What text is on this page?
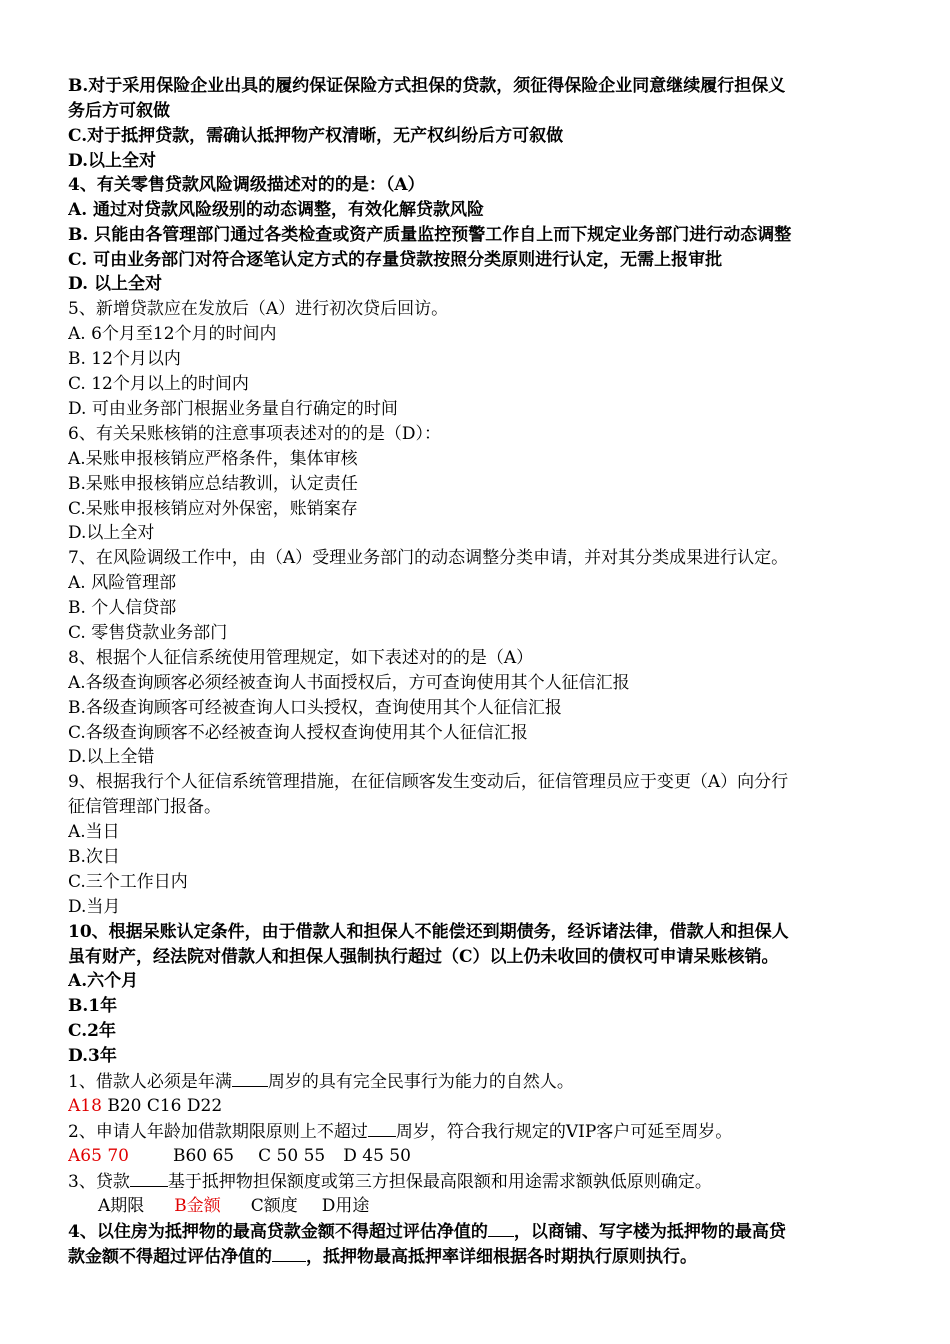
B.对于采用保险企业出具的履约保证保险方式担保的贷款，须征得保险企业同意继续履行担保义
务后方可叙做
C.对于抵押贷款，需确认抵押物产权清晰，无产权纠纷后方可叙做
D.以上全对
4、有关零售贷款风险调级描述对的的是：（A）
A. 通过对贷款风险级别的动态调整，有效化解贷款风险
B. 只能由各管理部门通过各类检查或资产质量监控预警工作自上而下规定业务部门进行动态调整
C. 可由业务部门对符合逐笔认定方式的存量贷款按照分类原则进行认定，无需上报审批
D. 以上全对
5、新增贷款应在发放后（A）进行初次贷后回访。
A. 6个月至12个月的时间内
B. 12个月以内
C. 12个月以上的时间内
D. 可由业务部门根据业务量自行确定的时间
6、有关呆账核销的注意事项表述对的的是（D）：
A.呆账申报核销应严格条件，集体审核
B.呆账申报核销应总结教训，认定责任
C.呆账申报核销应对外保密，账销案存
D.以上全对
7、在风险调级工作中，由（A）受理业务部门的动态调整分类申请，并对其分类成果进行认定。
A. 风险管理部
B. 个人信贷部
C. 零售贷款业务部门
8、根据个人征信系统使用管理规定，如下表述对的的是（A）
A.各级查询顾客必须经被查询人书面授权后，方可查询使用其个人征信汇报
B.各级查询顾客可经被查询人口头授权，查询使用其个人征信汇报
C.各级查询顾客不必经被查询人授权查询使用其个人征信汇报
D.以上全错
9、根据我行个人征信系统管理措施，在征信顾客发生变动后，征信管理员应于变更（A）向分行
征信管理部门报备。
A.当日
B.次日
C.三个工作日内
D.当月
10、根据呆账认定条件，由于借款人和担保人不能偿还到期债务，经诉诸法律，借款人和担保人
虽有财产，经法院对借款人和担保人强制执行超过（C）以上仍未收回的债权可申请呆账核销。
A.六个月
B.1年
C.2年
D.3年
1、借款人必须是年满 周岁的具有完全民事行为能力的自然人。
A18 B20 C16 D22
2、申请人年龄加借款期限原则上不超过 周岁，符合我行规定的VIP客户可延至周岁。
A65 70	B60 65 C 50 55 D 45 50
3、贷款 基于抵押物担保额度或第三方担保最高限额和用途需求额孰低原则确定。
A期限 B金额 C额度 D用途
4、以住房为抵押物的最高贷款金额不得超过评估净值的 ，以商铺、写字楼为抵押物的最高贷
款金额不得超过评估净值的 ，抵押物最高抵押率详细根据各时期执行原则执行。
